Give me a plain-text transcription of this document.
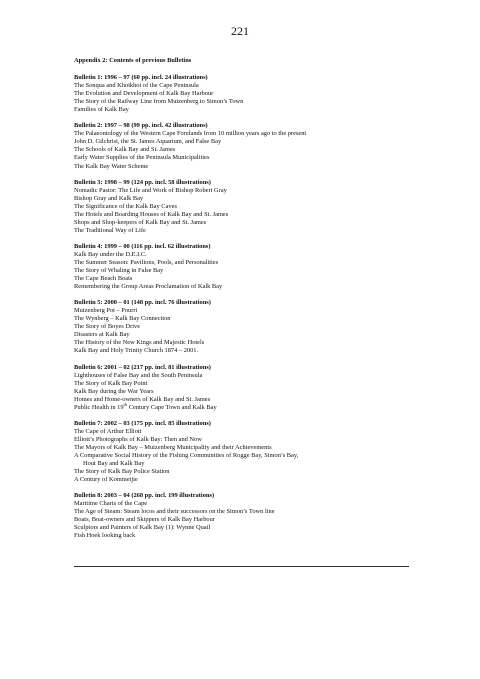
221
Appendix 2: Contents of previous Bulletins
Bulletin 1: 1996 – 97 (60 pp. incl. 24 illustrations)
The Sonqua and Khoikhoi of the Cape Peninsula
The Evolution and Development of Kalk Bay Harbour
The Story of the Railway Line from Muizenberg to Simon’s Town
Families of Kalk Bay
Bulletin 2: 1997 – 98 (99 pp. incl. 42 illustrations)
The Palaeontology of the Western Cape Forelands from 10 million years ago to the present
John D. Gilchrist, the St. James Aquarium, and False Bay
The Schools of Kalk Bay and St. James
Early Water Supplies of the Peninsula Municipalities
The Kalk Bay Water Scheme
Bulletin 3: 1998 – 99 (124 pp. incl. 58 illustrations)
Nomadic Pastor: The Life and Work of Bishop Robert Gray
Bishop Gray and Kalk Bay
The Significance of the Kalk Bay Caves
The Hotels and Boarding Houses of Kalk Bay and St. James
Shops and Shop-keepers of Kalk Bay and St. James
The Traditional Way of Life
Bulletin 4: 1999 – 00 (116 pp. incl. 62 illustrations)
Kalk Bay under the D.E.I.C.
The Summer Season: Pavilions, Pools, and Personalities
The Story of Whaling in False Bay
The Cape Beach Boats
Remembering the Group Areas Proclamation of Kalk Bay
Bulletin 5: 2000 – 01 (148 pp. incl. 76 illustrations)
Muizenberg Pot – Pourri
The Wynberg – Kalk Bay Connection
The Story of Boyes Drive
Disasters at Kalk Bay
The History of the New Kings and Majestic Hotels
Kalk Bay and Holy Trinity Church 1874 – 2001.
Bulletin 6: 2001 – 02 (217 pp. incl. 81 illustrations)
Lighthouses of False Bay and the South Peninsula
The Story of Kalk Bay Point
Kalk Bay during the War Years
Homes and Home-owners of Kalk Bay and St. James
Public Health in 19th Century Cape Town and Kalk Bay
Bulletin 7: 2002 – 03 (175 pp. incl. 85 illustrations)
The Cape of Arthur Elliott
Elliott’s Photographs of Kalk Bay: Then and Now
The Mayors of Kalk Bay – Muizenberg Municipality and their Achievements
A Comparative Social History of the Fishing Communities of Rogge Bay, Simon’s Bay,
Hout Bay and Kalk Bay
The Story of Kalk Bay Police Station
A Century of Kommetjie
Bulletin 8: 2003 – 04 (268 pp. incl. 199 illustrations)
Maritime Charts of the Cape
The Age of Steam: Steam locos and their successors on the Simon’s Town line
Boats, Boat-owners and Skippers of Kalk Bay Harbour
Sculptors and Painters of Kalk Bay (1): Wynne Quail
Fish Hoek looking back
